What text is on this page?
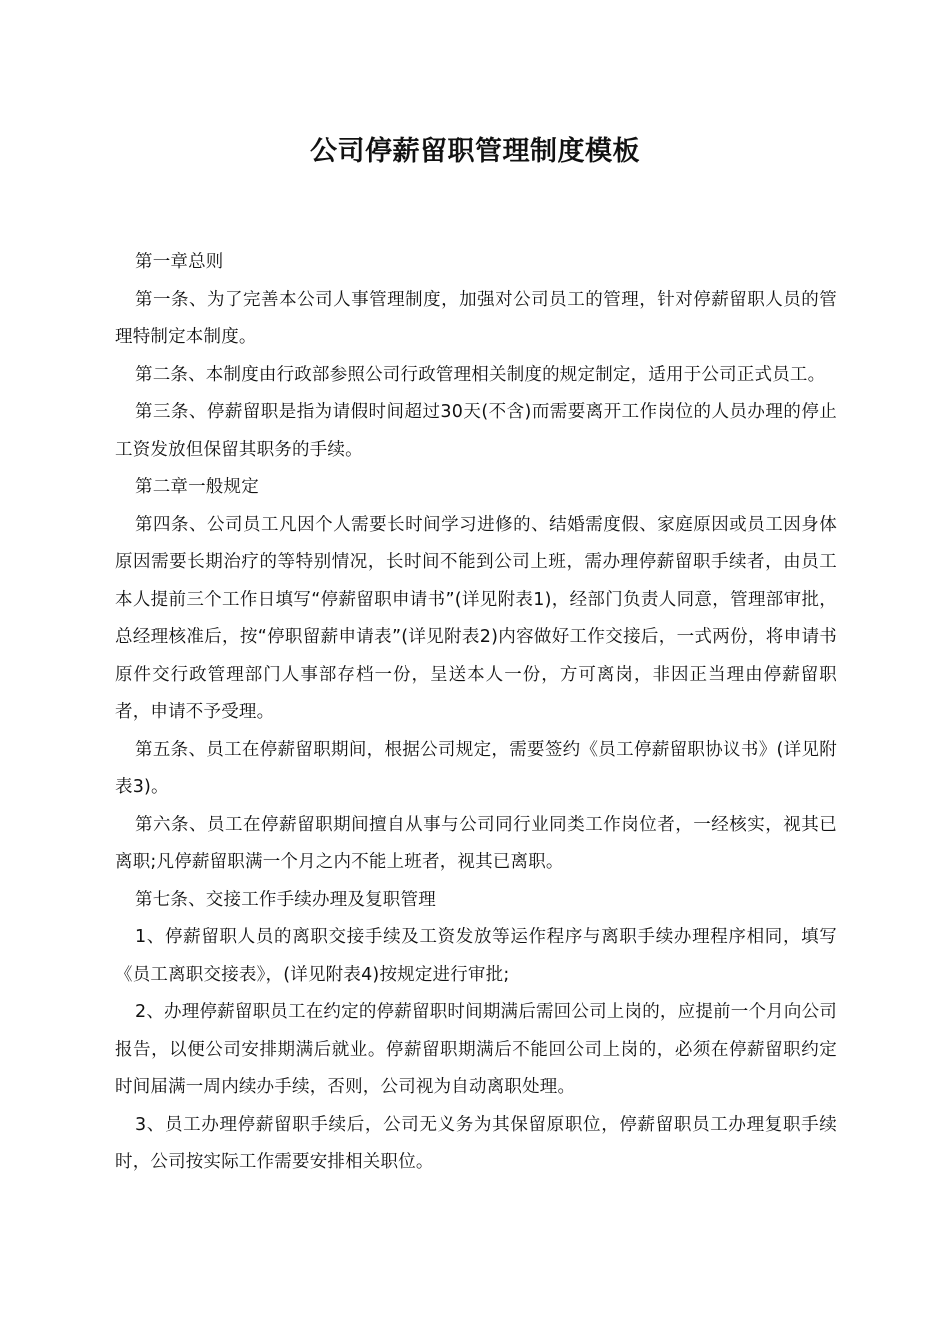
公司停薪留职管理制度模板

第一章总则

第一条、为了完善本公司人事管理制度，加强对公司员工的管理，针对停薪留职人员的管理特制定本制度。

第二条、本制度由行政部参照公司行政管理相关制度的规定制定，适用于公司正式员工。

第三条、停薪留职是指为请假时间超过30天(不含)而需要离开工作岗位的人员办理的停止工资发放但保留其职务的手续。

第二章一般规定

第四条、公司员工凡因个人需要长时间学习进修的、结婚需度假、家庭原因或员工因身体原因需要长期治疗的等特别情况，长时间不能到公司上班，需办理停薪留职手续者，由员工本人提前三个工作日填写“停薪留职申请书”(详见附表1)，经部门负责人同意，管理部审批，总经理核准后，按“停职留薪申请表”(详见附表2)内容做好工作交接后，一式两份，将申请书原件交行政管理部门人事部存档一份，呈送本人一份，方可离岗，非因正当理由停薪留职者，申请不予受理。

第五条、员工在停薪留职期间，根据公司规定，需要签约《员工停薪留职协议书》(详见附表3)。

第六条、员工在停薪留职期间擅自从事与公司同行业同类工作岗位者，一经核实，视其已离职;凡停薪留职满一个月之内不能上班者，视其已离职。

第七条、交接工作手续办理及复职管理

1、停薪留职人员的离职交接手续及工资发放等运作程序与离职手续办理程序相同，填写《员工离职交接表》，(详见附表4)按规定进行审批;

2、办理停薪留职员工在约定的停薪留职时间期满后需回公司上岗的，应提前一个月向公司报告，以便公司安排期满后就业。停薪留职期满后不能回公司上岗的，必须在停薪留职约定时间届满一周内续办手续，否则，公司视为自动离职处理。

3、员工办理停薪留职手续后，公司无义务为其保留原职位，停薪留职员工办理复职手续时，公司按实际工作需要安排相关职位。
